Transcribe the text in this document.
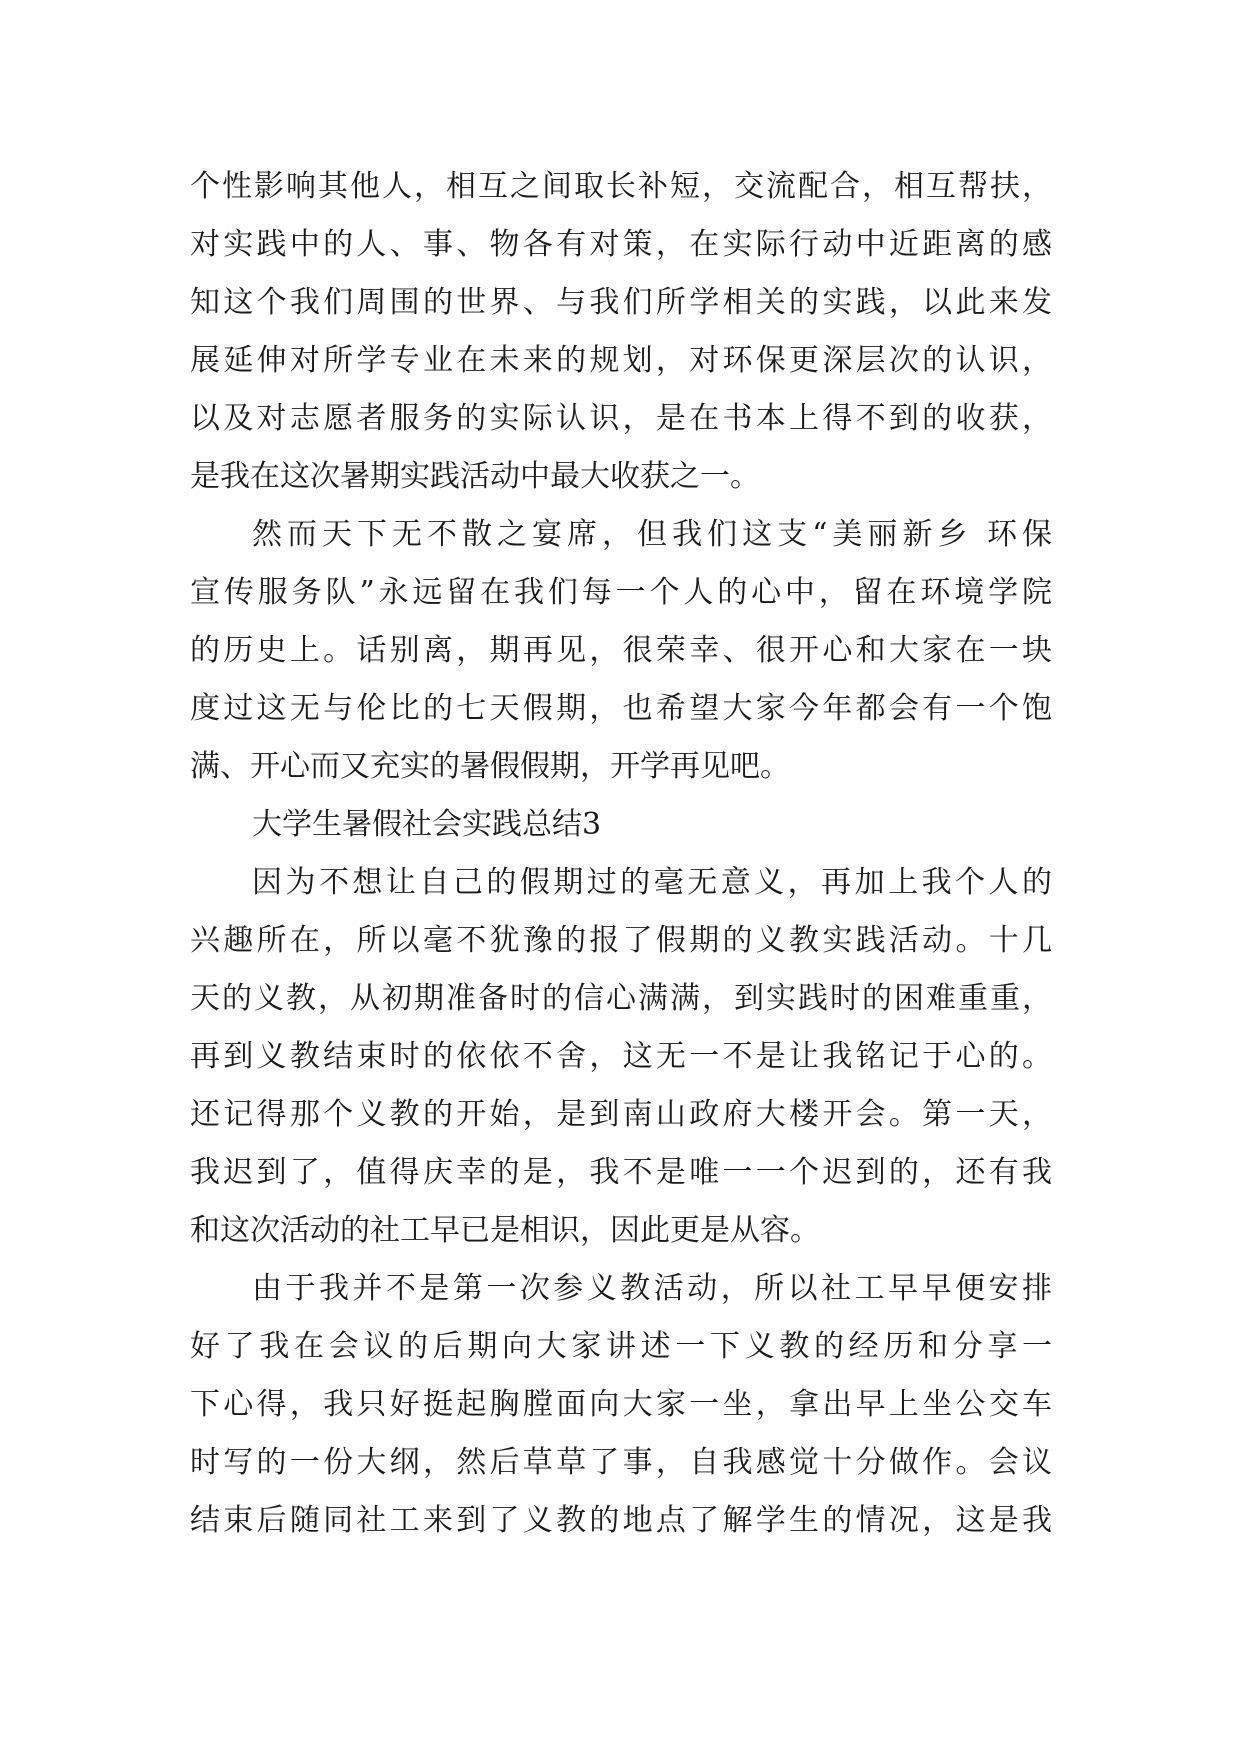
个性影响其他人，相互之间取长补短，交流配合，相互帮扶，
对实践中的人、事、物各有对策，在实际行动中近距离的感
知这个我们周围的世界、与我们所学相关的实践，以此来发
展延伸对所学专业在未来的规划，对环保更深层次的认识，
以及对志愿者服务的实际认识，是在书本上得不到的收获，
是我在这次暑期实践活动中最大收获之一。
然而天下无不散之宴席，但我们这支“美丽新乡 环保
宣传服务队”永远留在我们每一个人的心中，留在环境学院
的历史上。话别离，期再见，很荣幸、很开心和大家在一块
度过这无与伦比的七天假期，也希望大家今年都会有一个饱
满、开心而又充实的暑假假期，开学再见吧。
大学生暑假社会实践总结3
因为不想让自己的假期过的毫无意义，再加上我个人的
兴趣所在，所以毫不犹豫的报了假期的义教实践活动。十几
天的义教，从初期准备时的信心满满，到实践时的困难重重，
再到义教结束时的依依不舍，这无一不是让我铭记于心的。
还记得那个义教的开始，是到南山政府大楼开会。第一天，
我迟到了，值得庆幸的是，我不是唯一一个迟到的，还有我
和这次活动的社工早已是相识，因此更是从容。
由于我并不是第一次参义教活动，所以社工早早便安排
好了我在会议的后期向大家讲述一下义教的经历和分享一
下心得，我只好挺起胸膛面向大家一坐，拿出早上坐公交车
时写的一份大纲，然后草草了事，自我感觉十分做作。会议
结束后随同社工来到了义教的地点了解学生的情况，这是我
